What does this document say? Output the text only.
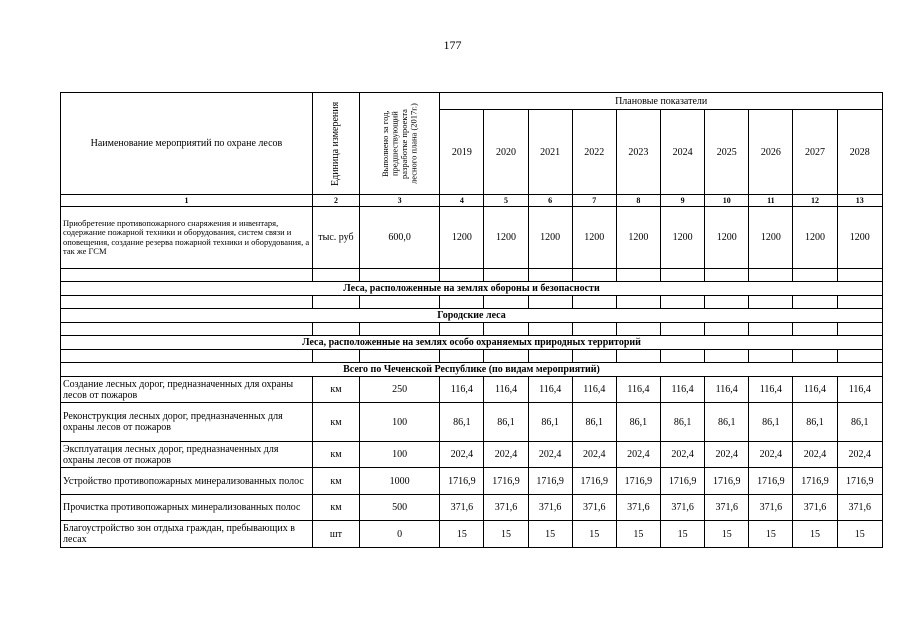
177
Наименование мероприятий по охране лесов	Единица измерения	Выполнено за год, предшествующий разработке проекта лесного плана (2017г.)	Плановые показатели									
			2019	2020	2021	2022	2023	2024	2025	2026	2027	2028
1	2	3	4	5	6	7	8	9	10	11	12	13
Приобретение противопожарного снаряжения и инвентаря, содержание пожарной техники и оборудования, систем связи и оповещения, создание резерва пожарной техники и оборудования, а так же ГСМ	тыс. руб	600,0	1200	1200	1200	1200	1200	1200	1200	1200	1200	1200

Леса, расположенные на землях обороны и безопасности												

Городские леса												

Леса, расположенные на землях особо охраняемых природных территорий												

Всего по Чеченской Республике (по видам мероприятий)												
Создание лесных дорог, предназначенных для охраны лесов от пожаров	км	250	116,4	116,4	116,4	116,4	116,4	116,4	116,4	116,4	116,4	116,4
Реконструкция лесных дорог, предназначенных для охраны лесов от пожаров	км	100	86,1	86,1	86,1	86,1	86,1	86,1	86,1	86,1	86,1	86,1
Эксплуатация лесных дорог, предназначенных для охраны лесов от пожаров	км	100	202,4	202,4	202,4	202,4	202,4	202,4	202,4	202,4	202,4	202,4
Устройство противопожарных минерализованных полос	км	1000	1716,9	1716,9	1716,9	1716,9	1716,9	1716,9	1716,9	1716,9	1716,9	1716,9
Прочистка противопожарных минерализованных полос	км	500	371,6	371,6	371,6	371,6	371,6	371,6	371,6	371,6	371,6	371,6
Благоустройство зон отдыха граждан, пребывающих в лесах	шт	0	15	15	15	15	15	15	15	15	15	15
